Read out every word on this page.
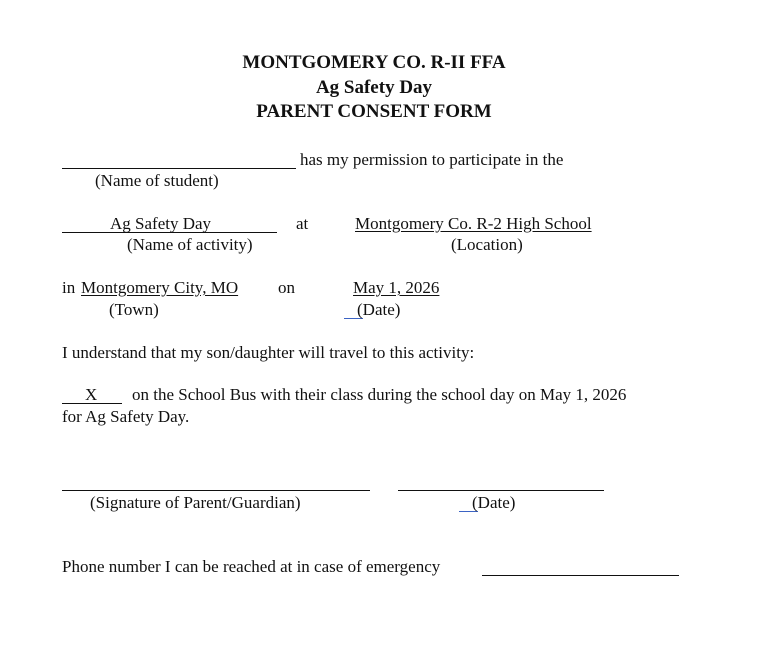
MONTGOMERY CO. R-II FFA
Ag Safety Day
PARENT CONSENT FORM
has my permission to participate in the
(Name of student)
Ag Safety Day	at	Montgomery Co. R-2 High School
(Name of activity)	(Location)
in Montgomery City, MO on	May 1, 2026
(Town)	(Date)
I understand that my son/daughter will travel to this activity:
X on the School Bus with their class during the school day on May 1, 2026
for Ag Safety Day.
(Signature of Parent/Guardian)	(Date)
Phone number I can be reached at in case of emergency
